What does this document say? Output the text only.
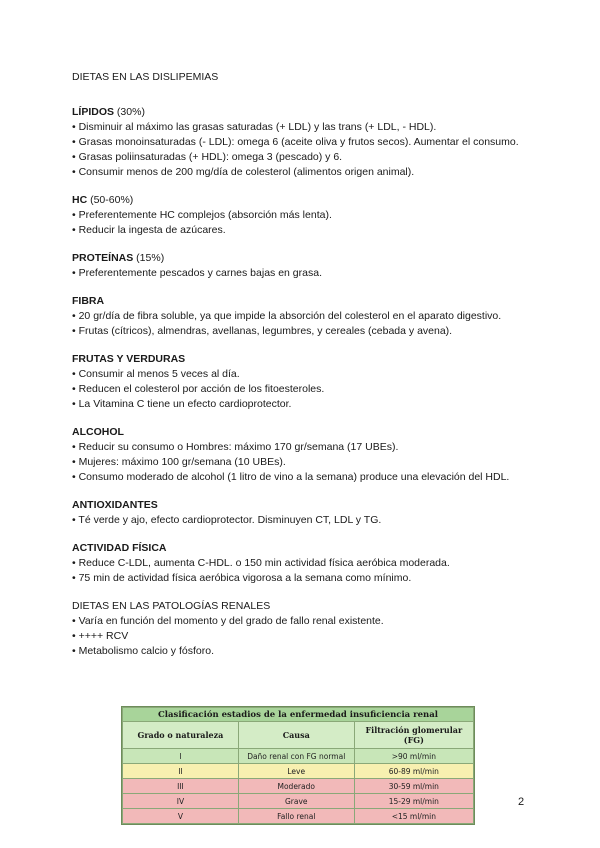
DIETAS EN LAS DISLIPEMIAS

LÍPIDOS (30%)

• Disminuir al máximo las grasas saturadas (+ LDL) y las trans (+ LDL, - HDL).
• Grasas monoinsaturadas (- LDL): omega 6 (aceite oliva y frutos secos). Aumentar el consumo.
• Grasas poliinsaturadas (+ HDL): omega 3 (pescado) y 6.
• Consumir menos de 200 mg/día de colesterol (alimentos origen animal).

HC (50-60%)

• Preferentemente HC complejos (absorción más lenta).
• Reducir la ingesta de azúcares.

PROTEÍNAS (15%)

• Preferentemente pescados y carnes bajas en grasa.

FIBRA

• 20 gr/día de fibra soluble, ya que impide la absorción del colesterol en el aparato digestivo.
• Frutas (cítricos), almendras, avellanas, legumbres, y cereales (cebada y avena).

FRUTAS Y VERDURAS

• Consumir al menos 5 veces al día.
• Reducen el colesterol por acción de los fitoesteroles.
• La Vitamina C tiene un efecto cardioprotector.

ALCOHOL

• Reducir su consumo o Hombres: máximo 170 gr/semana (17 UBEs).
• Mujeres: máximo 100 gr/semana (10 UBEs).
• Consumo moderado de alcohol (1 litro de vino a la semana) produce una elevación del HDL.

ANTIOXIDANTES

• Té verde y ajo, efecto cardioprotector. Disminuyen CT, LDL y TG.

ACTIVIDAD FÍSICA

• Reduce C-LDL, aumenta C-HDL. o 150 min actividad física aeróbica moderada.
• 75 min de actividad física aeróbica vigorosa a la semana como mínimo.

DIETAS EN LAS PATOLOGÍAS RENALES

• Varía en función del momento y del grado de fallo renal existente.
• ++++ RCV
• Metabolismo calcio y fósforo.
Clasificación estadios de la enfermedad insuficiencia renal		
Grado o naturaleza	Causa	Filtración glomerular (FG)
I	Daño renal con FG normal	>90 ml/min
II	Leve	60-89 ml/min
III	Moderado	30-59 ml/min
IV	Grave	15-29 ml/min
V	Fallo renal	<15 ml/min
2
